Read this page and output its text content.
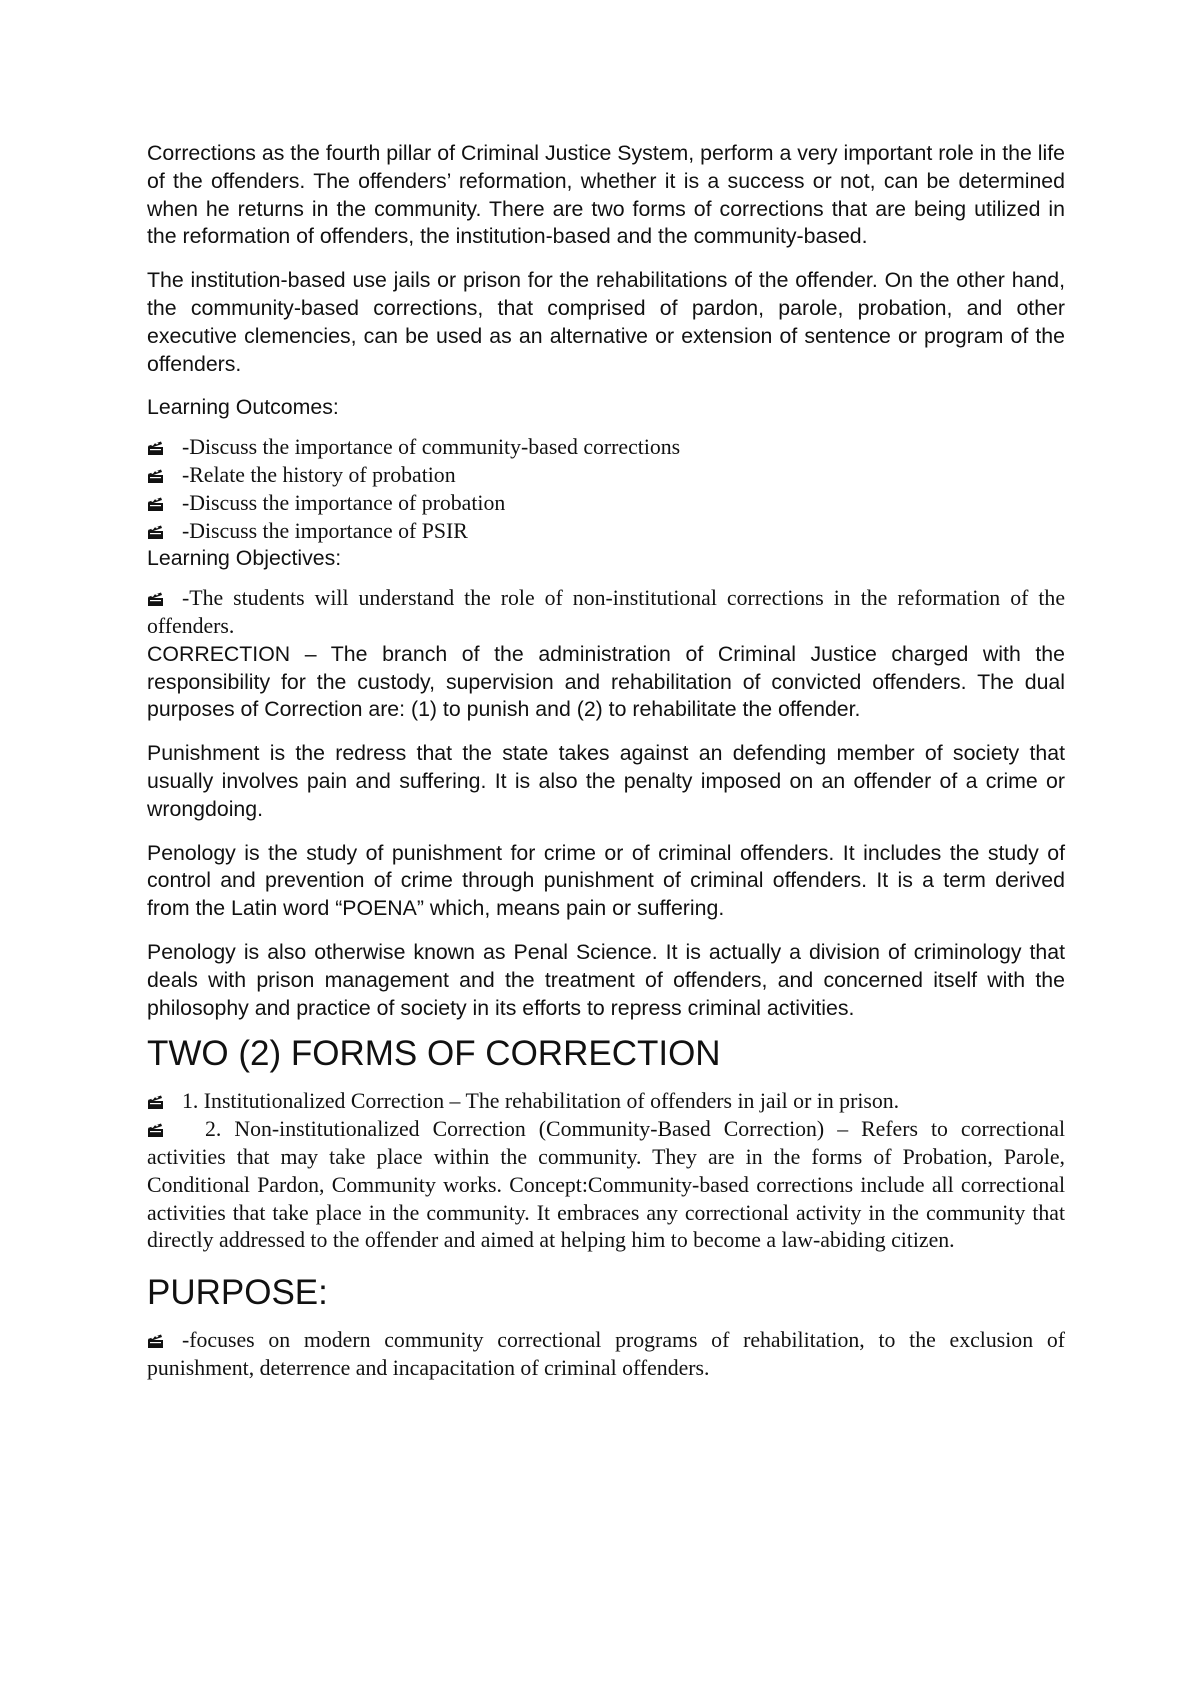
Corrections as the fourth pillar of Criminal Justice System, perform a very important role in the life of the offenders. The offenders’ reformation, whether it is a success or not, can be determined when he returns in the community. There are two forms of corrections that are being utilized in the reformation of offenders, the institution-based and the community-based.

The institution-based use jails or prison for the rehabilitations of the offender. On the other hand, the community-based corrections, that comprised of pardon, parole, probation, and other executive clemencies, can be used as an alternative or extension of sentence or program of the offenders.

Learning Outcomes:

-Discuss the importance of community-based corrections
-Relate the history of probation
-Discuss the importance of probation
-Discuss the importance of PSIR

Learning Objectives:

-The students will understand the role of non-institutional corrections in the reformation of the offenders.

CORRECTION – The branch of the administration of Criminal Justice charged with the responsibility for the custody, supervision and rehabilitation of convicted offenders. The dual purposes of Correction are: (1) to punish and (2) to rehabilitate the offender.

Punishment is the redress that the state takes against an defending member of society that usually involves pain and suffering. It is also the penalty imposed on an offender of a crime or wrongdoing.

Penology is the study of punishment for crime or of criminal offenders. It includes the study of control and prevention of crime through punishment of criminal offenders. It is a term derived from the Latin word “POENA” which, means pain or suffering.

Penology is also otherwise known as Penal Science. It is actually a division of criminology that deals with prison management and the treatment of offenders, and concerned itself with the philosophy and practice of society in its efforts to repress criminal activities.

TWO (2) FORMS OF CORRECTION

1. Institutionalized Correction – The rehabilitation of offenders in jail or in prison.

2. Non-institutionalized Correction (Community-Based Correction) – Refers to correctional activities that may take place within the community. They are in the forms of Probation, Parole, Conditional Pardon, Community works. Concept:Community-based corrections include all correctional activities that take place in the community. It embraces any correctional activity in the community that directly addressed to the offender and aimed at helping him to become a law-abiding citizen.

PURPOSE:

-focuses on modern community correctional programs of rehabilitation, to the exclusion of punishment, deterrence and incapacitation of criminal offenders.
